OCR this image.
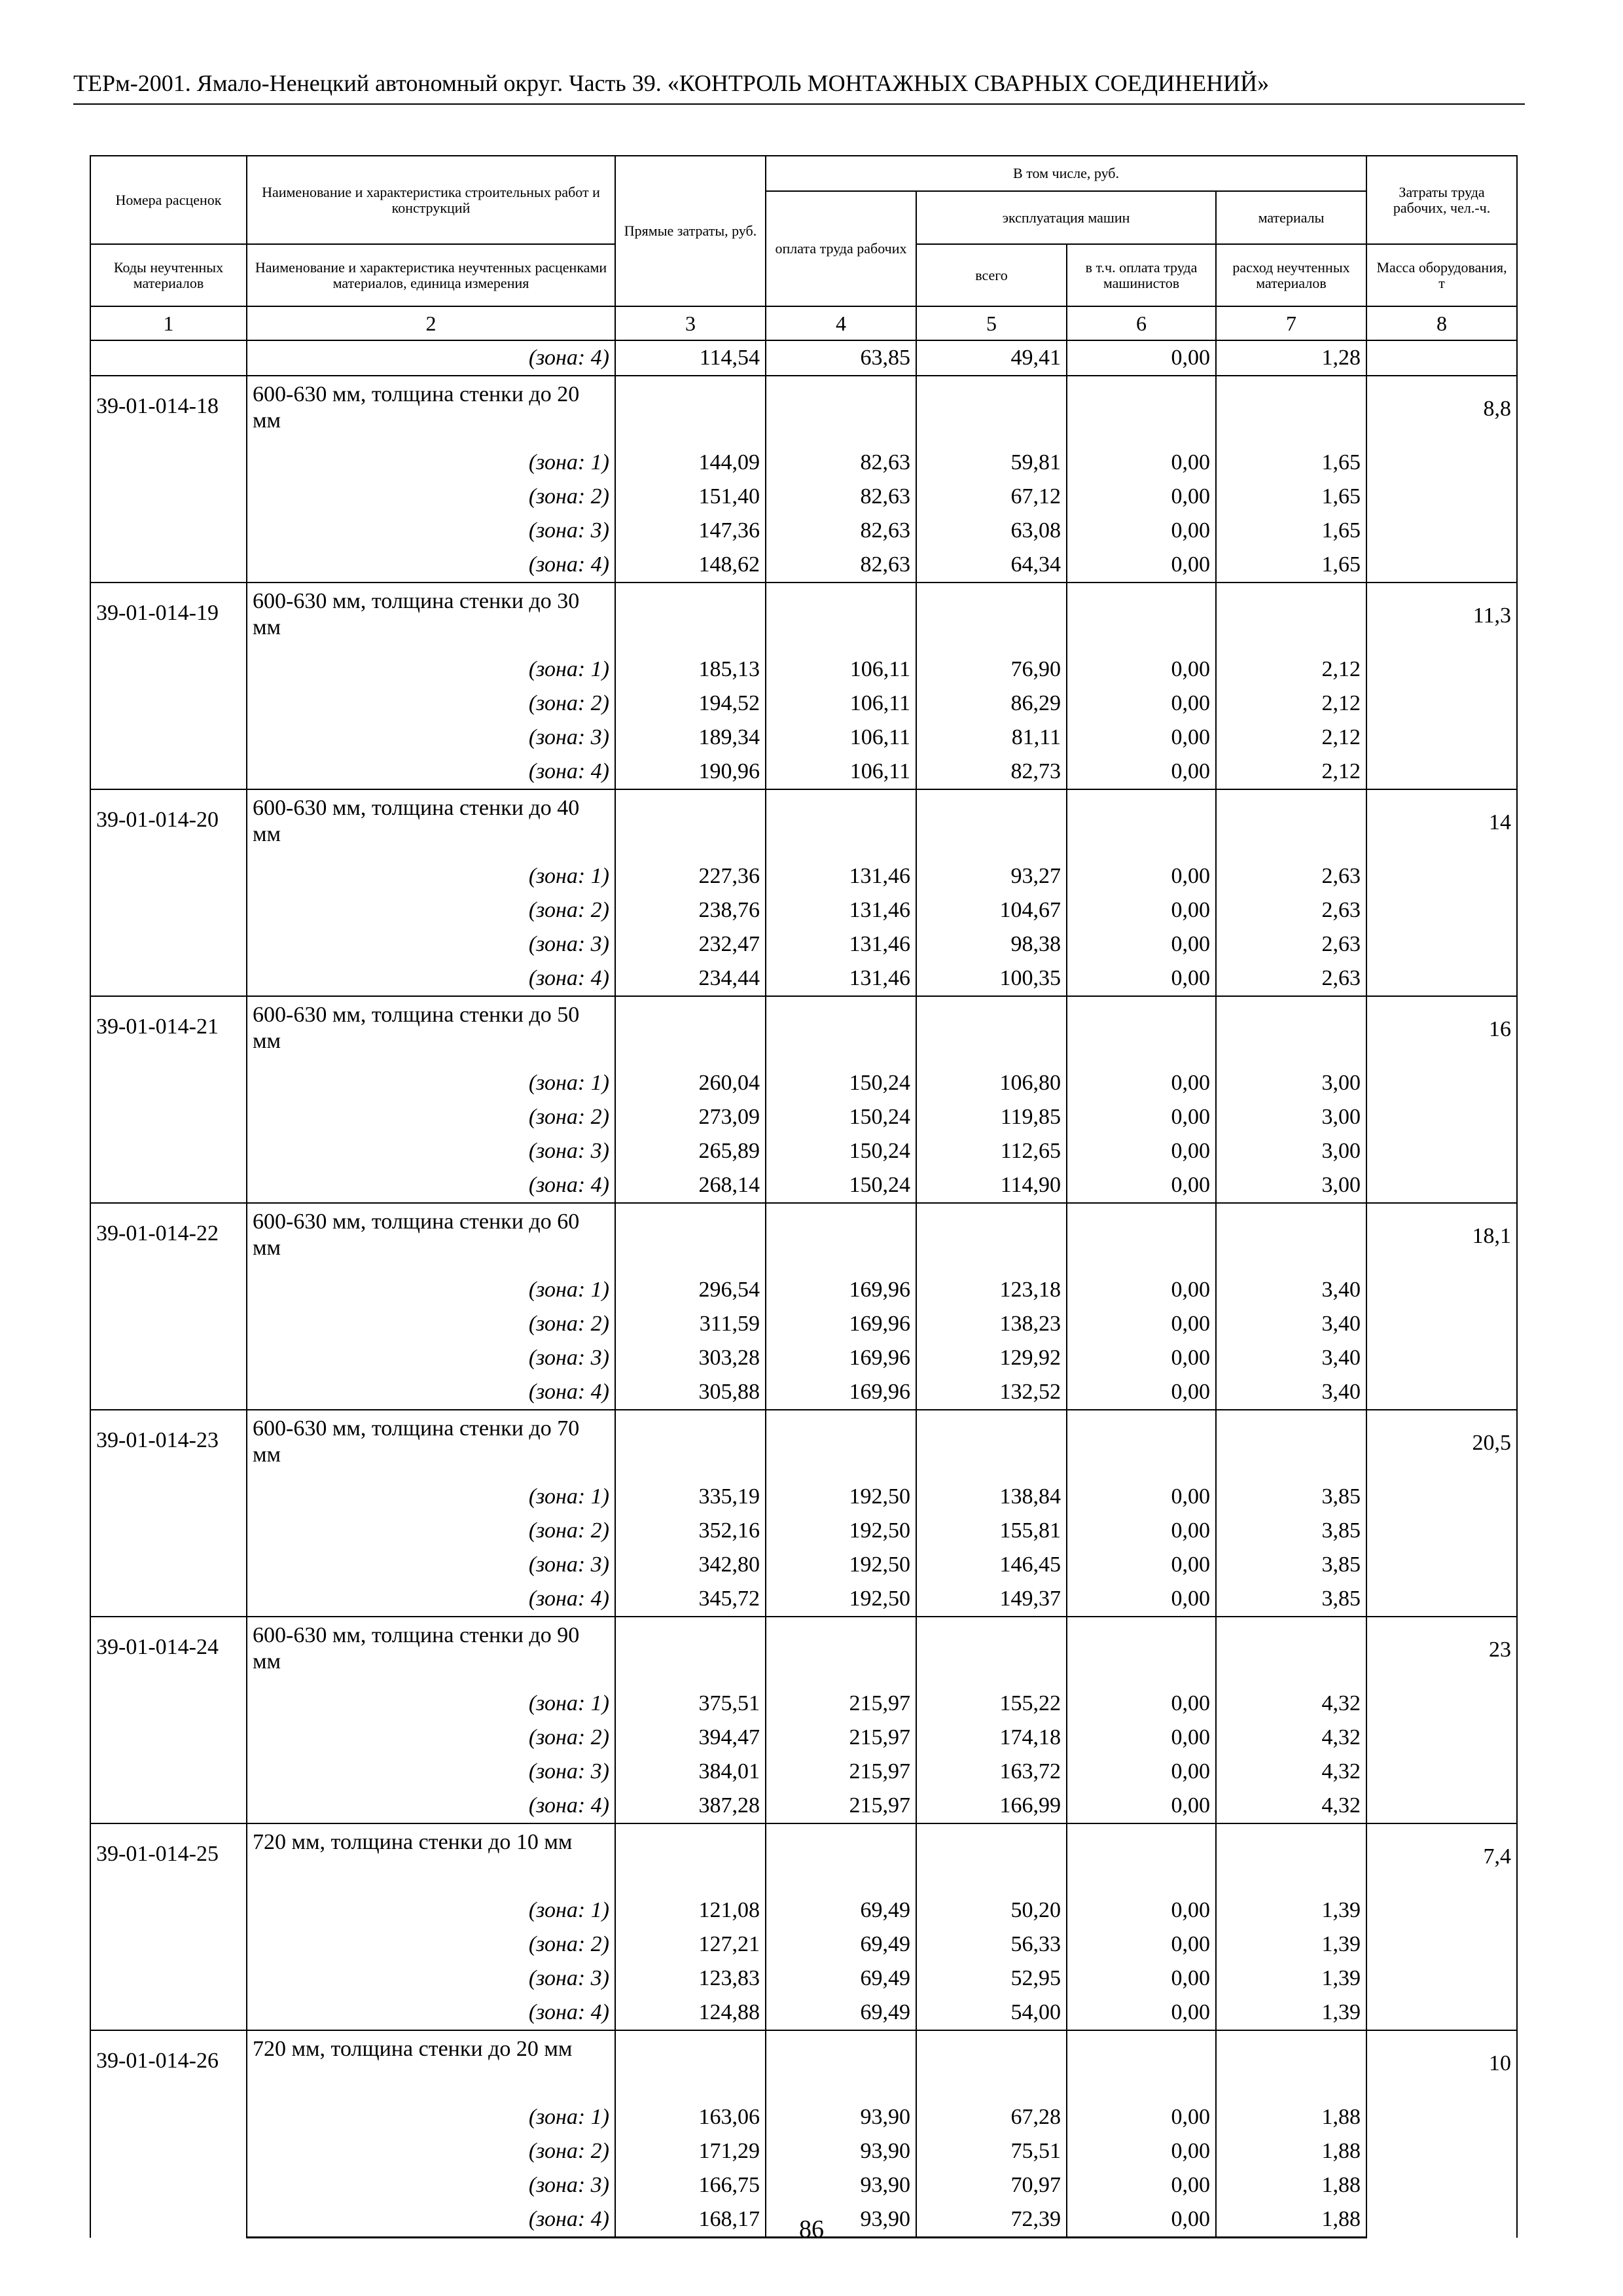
ТЕРм-2001. Ямало-Ненецкий автономный округ. Часть 39. «КОНТРОЛЬ МОНТАЖНЫХ СВАРНЫХ СОЕДИНЕНИЙ»
Номера расценок	Наименование и характеристика строительных работ и конструкций	Прямые затраты, руб.	В том числе, руб.				Затраты труда рабочих, чел.-ч.
			оплата труда рабочих	эксплуатация машин		материалы	
Коды неучтенных материалов	Наименование и характеристика неучтенных расценками материалов, единица измерения			всего	в т.ч. оплата труда машинистов	расход неучтенных материалов	Масса оборудования, т
1	2	3	4	5	6	7	8
	(зона: 4)	114,54	63,85	49,41	0,00	1,28	
39-01-014-18	600-630 мм, толщина стенки до 20 мм						8,8
	(зона: 1)	144,09	82,63	59,81	0,00	1,65	
	(зона: 2)	151,40	82,63	67,12	0,00	1,65	
	(зона: 3)	147,36	82,63	63,08	0,00	1,65	
	(зона: 4)	148,62	82,63	64,34	0,00	1,65	
39-01-014-19	600-630 мм, толщина стенки до 30 мм						11,3
	(зона: 1)	185,13	106,11	76,90	0,00	2,12	
	(зона: 2)	194,52	106,11	86,29	0,00	2,12	
	(зона: 3)	189,34	106,11	81,11	0,00	2,12	
	(зона: 4)	190,96	106,11	82,73	0,00	2,12	
39-01-014-20	600-630 мм, толщина стенки до 40 мм						14
	(зона: 1)	227,36	131,46	93,27	0,00	2,63	
	(зона: 2)	238,76	131,46	104,67	0,00	2,63	
	(зона: 3)	232,47	131,46	98,38	0,00	2,63	
	(зона: 4)	234,44	131,46	100,35	0,00	2,63	
39-01-014-21	600-630 мм, толщина стенки до 50 мм						16
	(зона: 1)	260,04	150,24	106,80	0,00	3,00	
	(зона: 2)	273,09	150,24	119,85	0,00	3,00	
	(зона: 3)	265,89	150,24	112,65	0,00	3,00	
	(зона: 4)	268,14	150,24	114,90	0,00	3,00	
39-01-014-22	600-630 мм, толщина стенки до 60 мм						18,1
	(зона: 1)	296,54	169,96	123,18	0,00	3,40	
	(зона: 2)	311,59	169,96	138,23	0,00	3,40	
	(зона: 3)	303,28	169,96	129,92	0,00	3,40	
	(зона: 4)	305,88	169,96	132,52	0,00	3,40	
39-01-014-23	600-630 мм, толщина стенки до 70 мм						20,5
	(зона: 1)	335,19	192,50	138,84	0,00	3,85	
	(зона: 2)	352,16	192,50	155,81	0,00	3,85	
	(зона: 3)	342,80	192,50	146,45	0,00	3,85	
	(зона: 4)	345,72	192,50	149,37	0,00	3,85	
39-01-014-24	600-630 мм, толщина стенки до 90 мм						23
	(зона: 1)	375,51	215,97	155,22	0,00	4,32	
	(зона: 2)	394,47	215,97	174,18	0,00	4,32	
	(зона: 3)	384,01	215,97	163,72	0,00	4,32	
	(зона: 4)	387,28	215,97	166,99	0,00	4,32	
39-01-014-25	720 мм, толщина стенки до 10 мм						7,4
	(зона: 1)	121,08	69,49	50,20	0,00	1,39	
	(зона: 2)	127,21	69,49	56,33	0,00	1,39	
	(зона: 3)	123,83	69,49	52,95	0,00	1,39	
	(зона: 4)	124,88	69,49	54,00	0,00	1,39	
39-01-014-26	720 мм, толщина стенки до 20 мм						10
	(зона: 1)	163,06	93,90	67,28	0,00	1,88	
	(зона: 2)	171,29	93,90	75,51	0,00	1,88	
	(зона: 3)	166,75	93,90	70,97	0,00	1,88	
	(зона: 4)	168,17	93,90	72,39	0,00	1,88	
86
